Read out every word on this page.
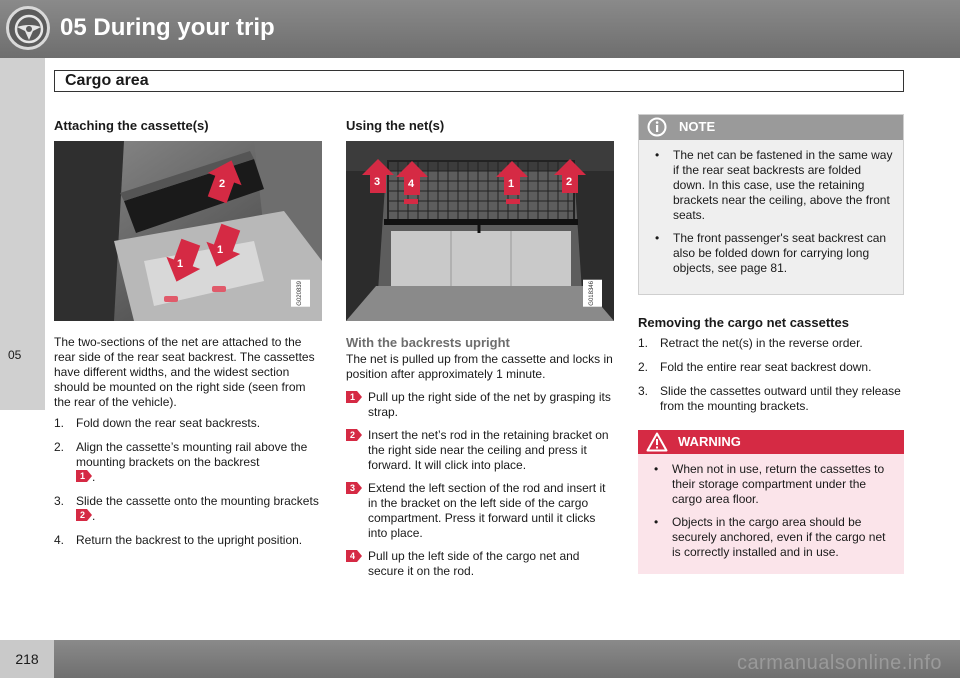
05 During your trip
05
Cargo area
Attaching the cassette(s)
1
1
2
G020839

The two-sections of the net are attached to the rear side of the rear seat backrest. The cassettes have different widths, and the widest section should be mounted on the right side (seen from the rear of the vehicle).

1. Fold down the rear seat backrests.
2. Align the cassette’s mounting rail above the mounting brackets on the backrest

1 .
3. Slide the cassette onto the mounting brackets
2 .
4. Return the backrest to the upright position.
Using the net(s)
3	4	1	2
G018346
With the backrests upright

The net is pulled up from the cassette and locks in position after approximately 1 minute.

1 Pull up the right side of the net by grasping its strap.
2 Insert the net’s rod in the retaining bracket on the right side near the ceiling and press it forward. It will click into place.
3 Extend the left section of the rod and insert it in the bracket on the left side of the cargo compartment. Press it forward until it clicks into place.
4 Pull up the left side of the cargo net and secure it on the rod.
NOTE
• The net can be fastened in the same way if the rear seat backrests are folded down. In this case, use the retaining brackets near the ceiling, above the front seats.
• The front passenger's seat backrest can also be folded down for carrying long objects, see page 81.
Removing the cargo net cassettes
1. Retract the net(s) in the reverse order.
2. Fold the entire rear seat backrest down.
3. Slide the cassettes outward until they release from the mounting brackets.
WARNING
• When not in use, return the cassettes to their storage compartment under the cargo area floor.
• Objects in the cargo area should be securely anchored, even if the cargo net is correctly installed and in use.
218	carmanualsonline.info
